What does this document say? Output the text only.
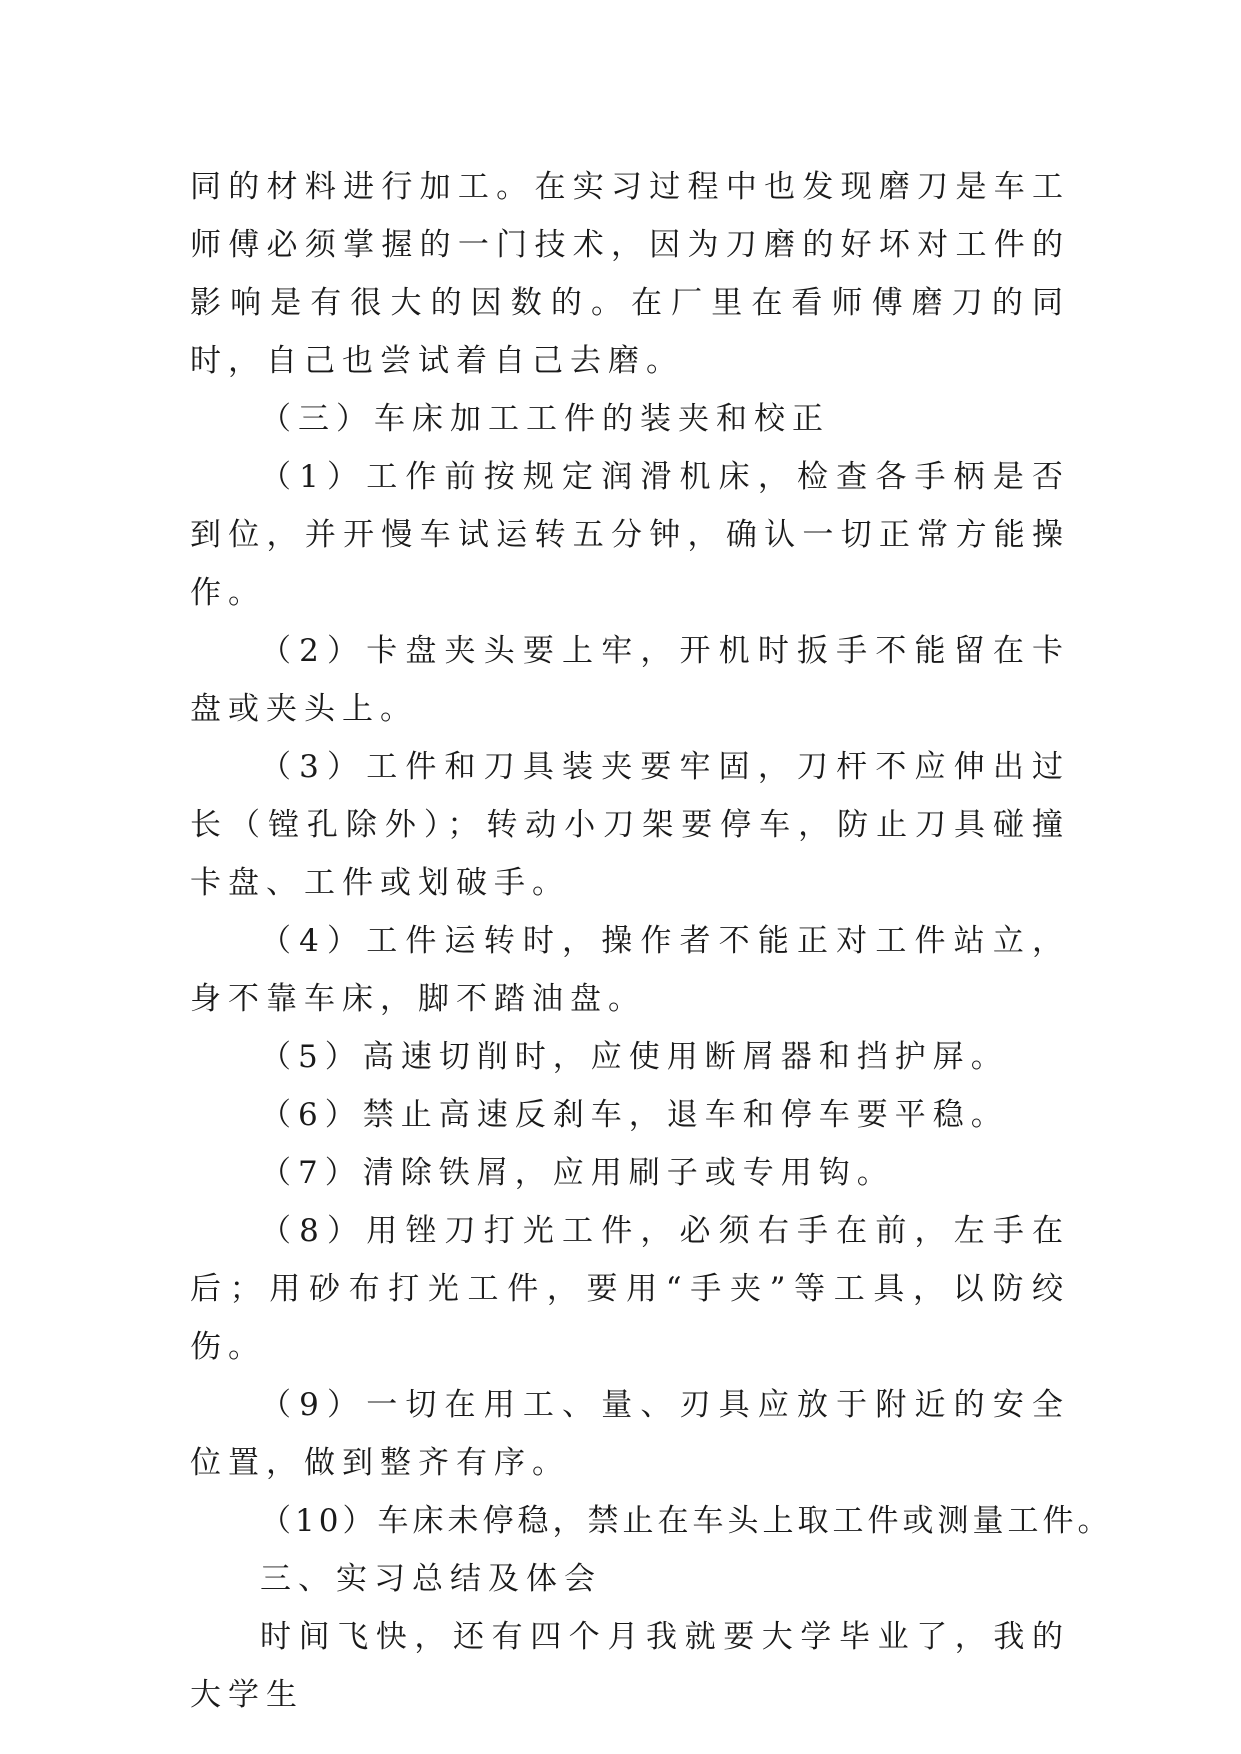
同的材料进行加工。在实习过程中也发现磨刀是车工师傅必须掌握的一门技术，因为刀磨的好坏对工件的影响是有很大的因数的。在厂里在看师傅磨刀的同时，自己也尝试着自己去磨。

（三）车床加工工件的装夹和校正

（1）工作前按规定润滑机床，检查各手柄是否到位，并开慢车试运转五分钟，确认一切正常方能操作。

（2）卡盘夹头要上牢，开机时扳手不能留在卡盘或夹头上。

（3）工件和刀具装夹要牢固，刀杆不应伸出过长（镗孔除外）；转动小刀架要停车，防止刀具碰撞卡盘、工件或划破手。

（4）工件运转时，操作者不能正对工件站立，身不靠车床，脚不踏油盘。

（5）高速切削时，应使用断屑器和挡护屏。

（6）禁止高速反刹车，退车和停车要平稳。

（7）清除铁屑，应用刷子或专用钩。

（8）用锉刀打光工件，必须右手在前，左手在后；用砂布打光工件，要用“手夹”等工具，以防绞伤。

（9）一切在用工、量、刃具应放于附近的安全位置，做到整齐有序。

（10）车床未停稳，禁止在车头上取工件或测量工件。

三、实习总结及体会

时间飞快，还有四个月我就要大学毕业了，我的大学生
